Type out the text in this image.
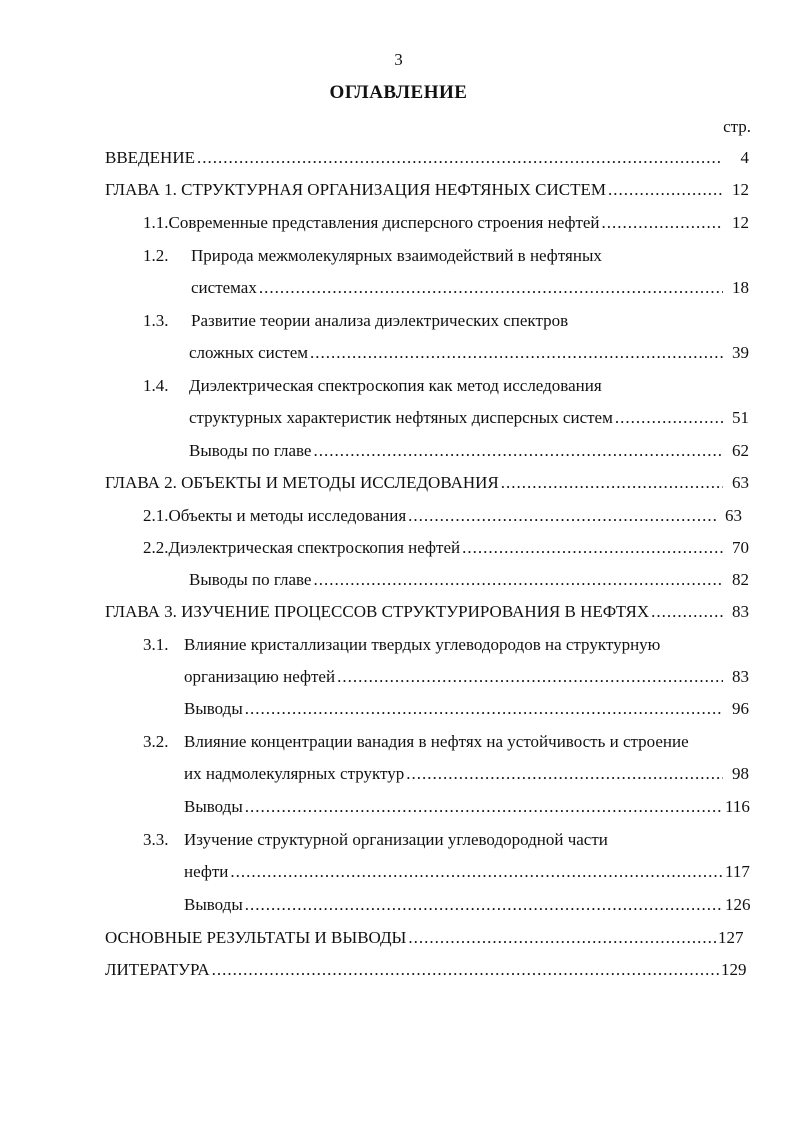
3
ОГЛАВЛЕНИЕ
стр.
ВВЕДЕНИЕ .....	4
ГЛАВА 1. СТРУКТУРНАЯ ОРГАНИЗАЦИЯ НЕФТЯНЫХ СИСТЕМ .....	12
1.1. Современные представления дисперсного строения нефтей .....	12
1.2.	Природа межмолекулярных взаимодействий в нефтяных
системах .....	18
1.3.	Развитие теории анализа диэлектрических спектров
сложных систем .....	39
1.4.	Диэлектрическая спектроскопия как метод исследования
структурных характеристик нефтяных дисперсных систем .....	51
Выводы по главе .....	62
ГЛАВА 2. ОБЪЕКТЫ И МЕТОДЫ ИССЛЕДОВАНИЯ .....	63
2.1. Объекты и методы исследования .....	63
2.2. Диэлектрическая спектроскопия нефтей .....	70
Выводы по главе .....	82
ГЛАВА 3. ИЗУЧЕНИЕ ПРОЦЕССОВ СТРУКТУРИРОВАНИЯ В НЕФТЯХ .....	83
3.1. Влияние кристаллизации твердых углеводородов на структурную
организацию нефтей .....	83
Выводы .....	96
3.2. Влияние концентрации ванадия в нефтях на устойчивость и строение
их надмолекулярных структур .....	98
Выводы .....	116
3.3. Изучение структурной организации углеводородной части
нефти .....	117
Выводы .....	126
ОСНОВНЫЕ РЕЗУЛЬТАТЫ И ВЫВОДЫ .....	127
ЛИТЕРАТУРА .....	129
